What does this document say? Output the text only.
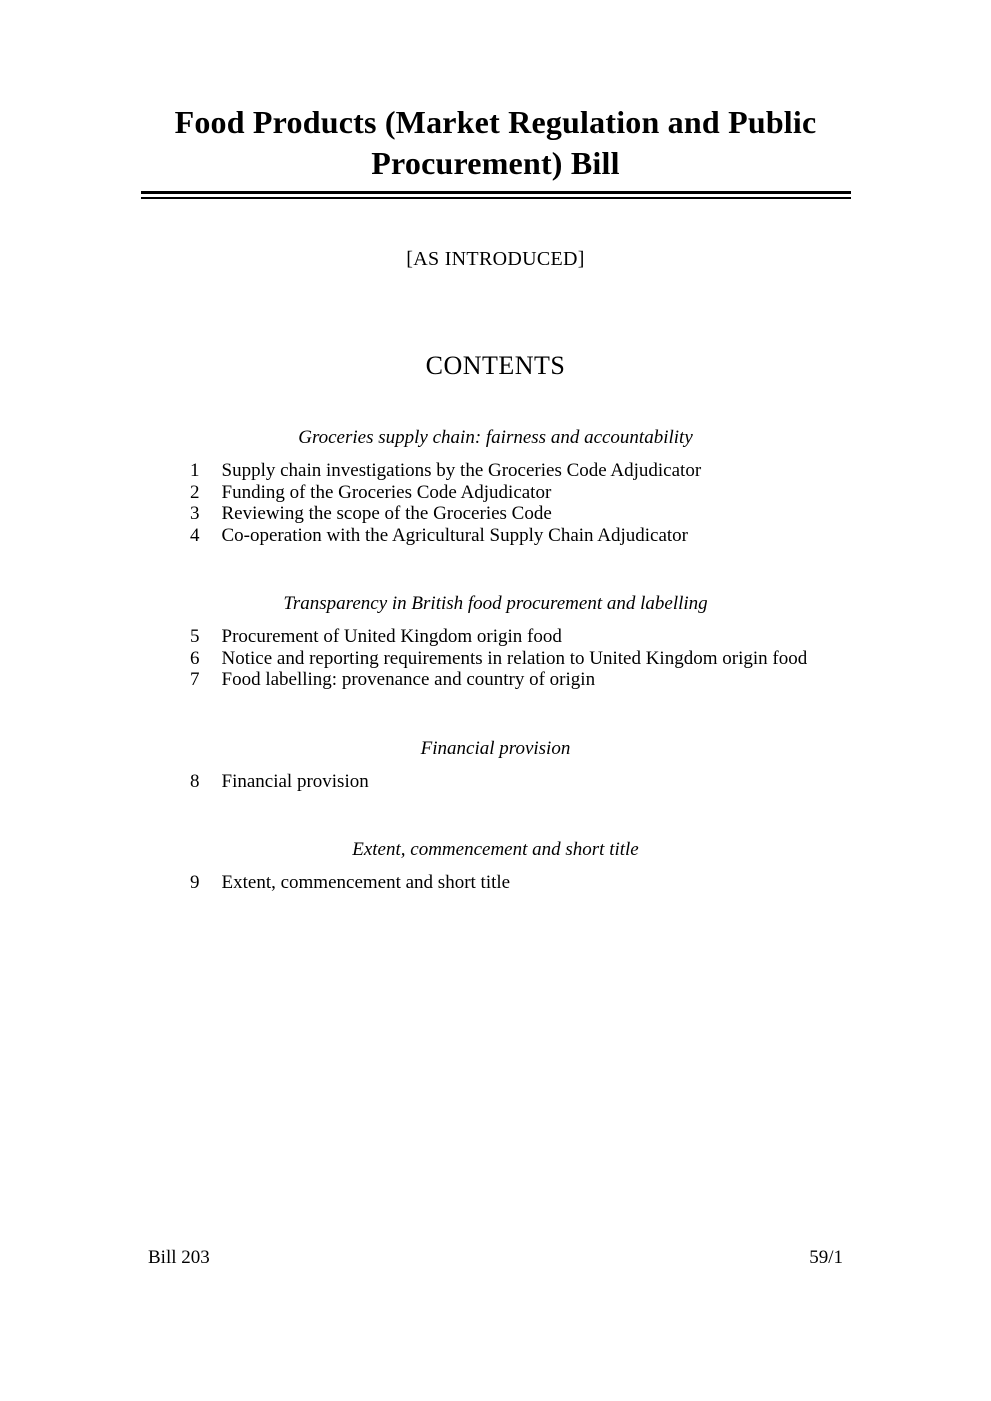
Food Products (Market Regulation and Public Procurement) Bill
[AS INTRODUCED]
CONTENTS
Groceries supply chain: fairness and accountability
1 Supply chain investigations by the Groceries Code Adjudicator
2 Funding of the Groceries Code Adjudicator
3 Reviewing the scope of the Groceries Code
4 Co-operation with the Agricultural Supply Chain Adjudicator
Transparency in British food procurement and labelling
5 Procurement of United Kingdom origin food
6 Notice and reporting requirements in relation to United Kingdom origin food
7 Food labelling: provenance and country of origin
Financial provision
8 Financial provision
Extent, commencement and short title
9 Extent, commencement and short title
Bill 203	59/1
